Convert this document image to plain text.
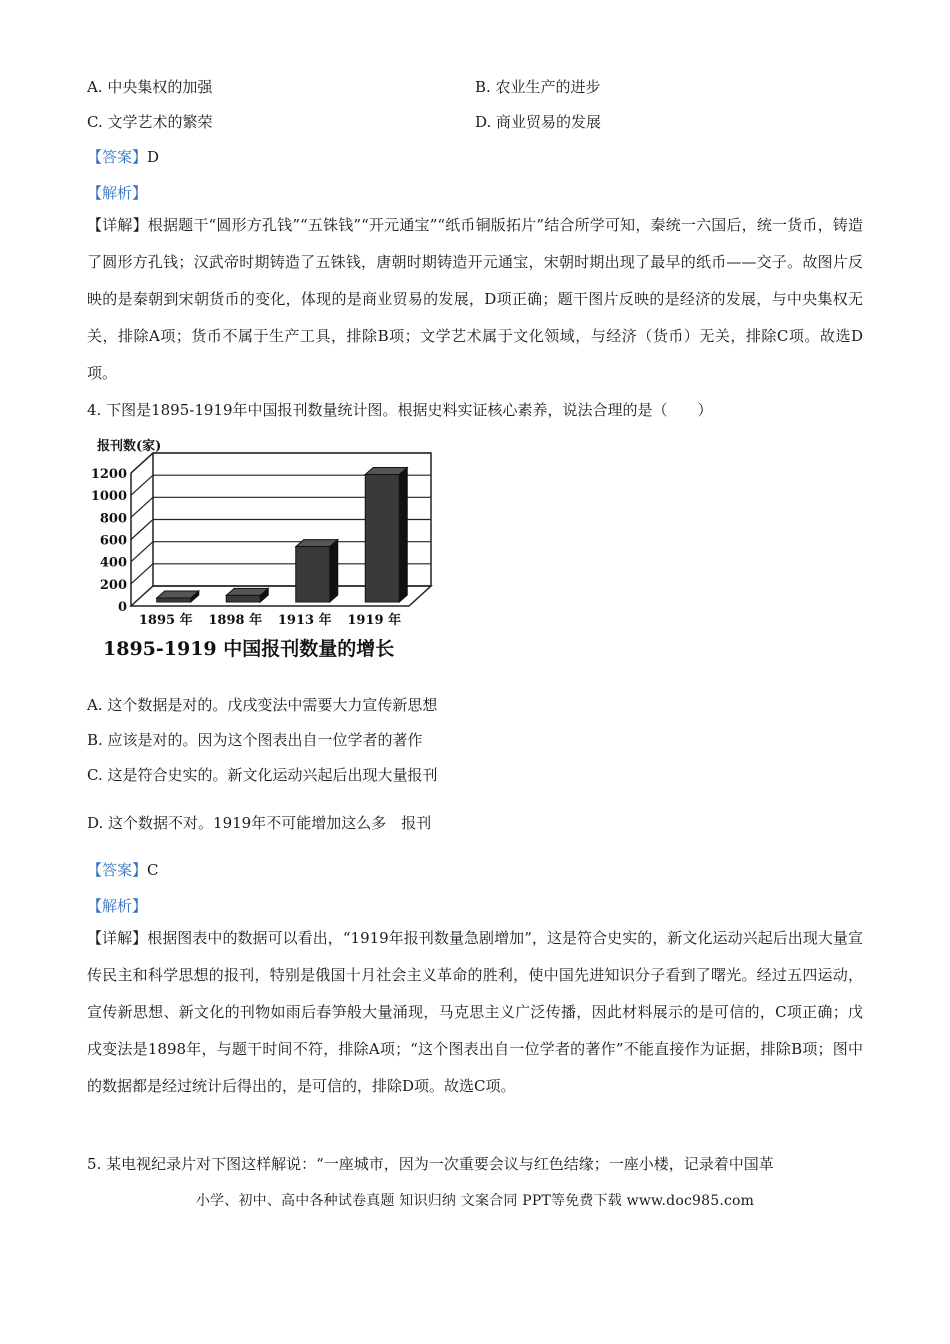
A. 中央集权的加强	B. 农业生产的进步
C. 文学艺术的繁荣	D. 商业贸易的发展
【答案】D
【解析】
【详解】根据题干“圆形方孔钱”“五铢钱”“开元通宝”“纸币铜版拓片”结合所学可知，秦统一六国后，统一货币，铸造了圆形方孔钱；汉武帝时期铸造了五铢钱，唐朝时期铸造开元通宝，宋朝时期出现了最早的纸币——交子。故图片反映的是秦朝到宋朝货币的变化，体现的是商业贸易的发展，D项正确；题干图片反映的是经济的发展，与中央集权无关，排除A项；货币不属于生产工具，排除B项；文学艺术属于文化领域，与经济（货币）无关，排除C项。故选D项。
4. 下图是1895-1919年中国报刊数量统计图。根据史料实证核心素养，说法合理的是（　　）
0
200
400
600
800
1000
1200
报刊数(家)
1895 年 1898 年 1913 年 1919 年
1895-1919 中国报刊数量的增长
A. 这个数据是对的。戊戌变法中需要大力宣传新思想
B. 应该是对的。因为这个图表出自一位学者的著作
C. 这是符合史实的。新文化运动兴起后出现大量报刊
D. 这个数据不对。1919年不可能增加这么多　报刊
【答案】C
【解析】
【详解】根据图表中的数据可以看出，“1919年报刊数量急剧增加”，这是符合史实的，新文化运动兴起后出现大量宣传民主和科学思想的报刊，特别是俄国十月社会主义革命的胜利，使中国先进知识分子看到了曙光。经过五四运动，宣传新思想、新文化的刊物如雨后春笋般大量涌现，马克思主义广泛传播，因此材料展示的是可信的，C项正确；戊戌变法是1898年，与题干时间不符，排除A项；“这个图表出自一位学者的著作”不能直接作为证据，排除B项；图中的数据都是经过统计后得出的，是可信的，排除D项。故选C项。
5. 某电视纪录片对下图这样解说：“一座城市，因为一次重要会议与红色结缘；一座小楼，记录着中国革
小学、初中、高中各种试卷真题 知识归纳 文案合同 PPT等免费下载 www.doc985.com
